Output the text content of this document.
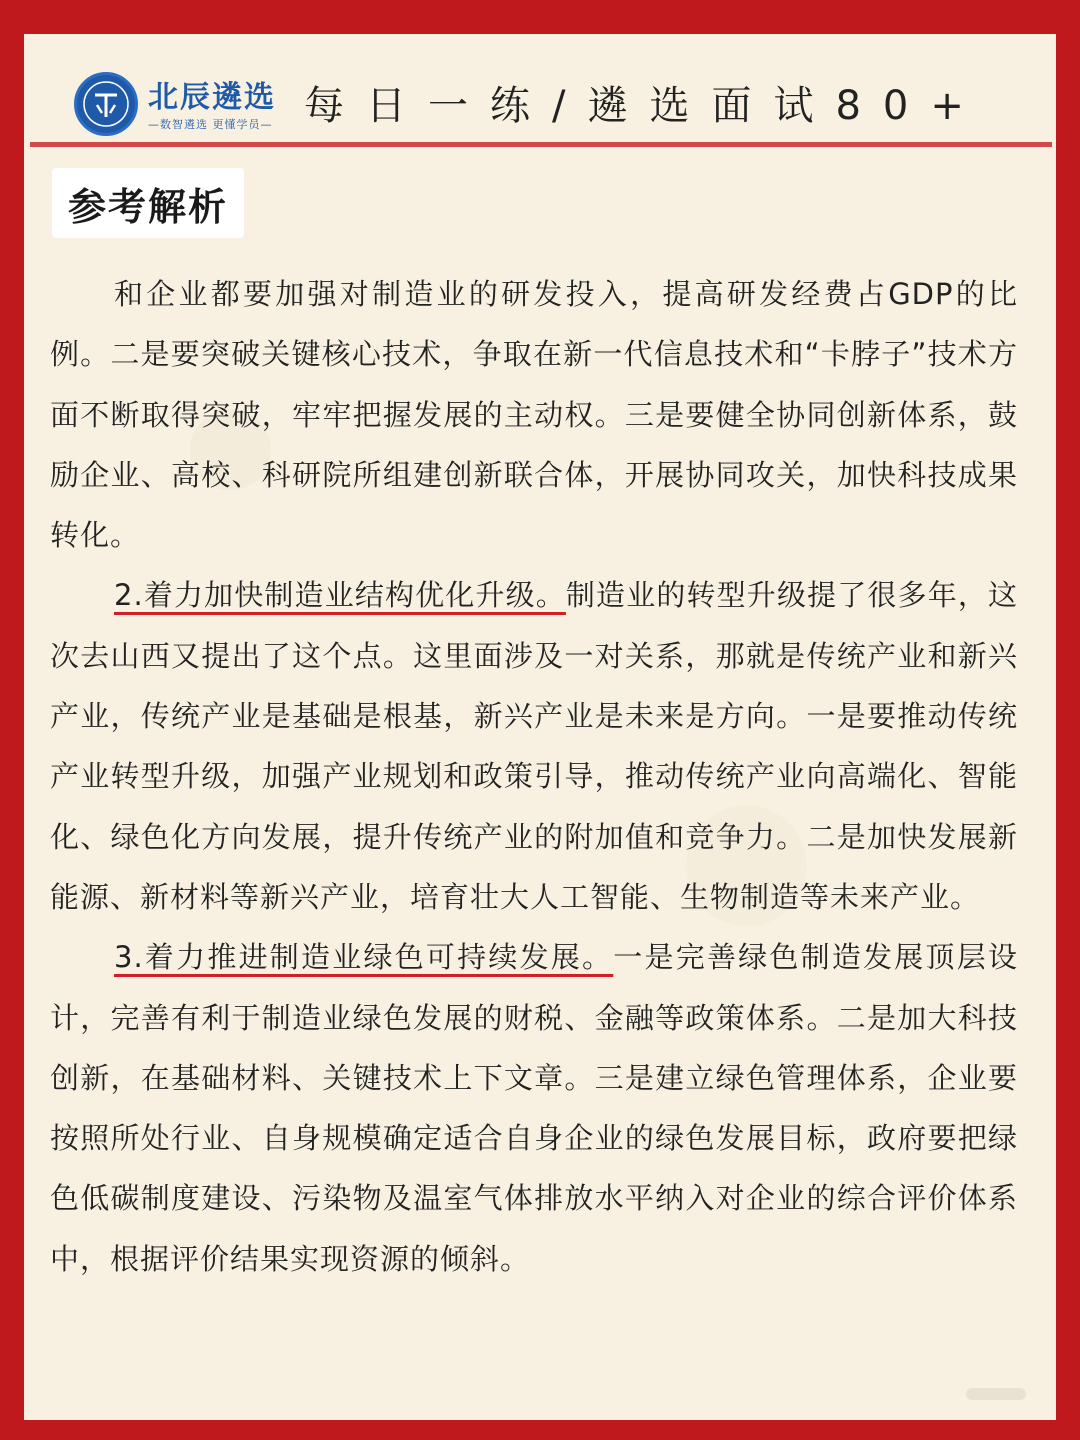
北辰遴选
—数智遴选 更懂学员— 每日一练/遴选面试80+
参考解析

和企业都要加强对制造业的研发投入，提高研发经费占GDP的比例。二是要突破关键核心技术，争取在新一代信息技术和“卡脖子”技术方面不断取得突破，牢牢把握发展的主动权。三是要健全协同创新体系，鼓励企业、高校、科研院所组建创新联合体，开展协同攻关，加快科技成果转化。

2.着力加快制造业结构优化升级。制造业的转型升级提了很多年，这次去山西又提出了这个点。这里面涉及一对关系，那就是传统产业和新兴产业，传统产业是基础是根基，新兴产业是未来是方向。一是要推动传统产业转型升级，加强产业规划和政策引导，推动传统产业向高端化、智能化、绿色化方向发展，提升传统产业的附加值和竞争力。二是加快发展新能源、新材料等新兴产业，培育壮大人工智能、生物制造等未来产业。

3.着力推进制造业绿色可持续发展。一是完善绿色制造发展顶层设计，完善有利于制造业绿色发展的财税、金融等政策体系。二是加大科技创新，在基础材料、关键技术上下文章。三是建立绿色管理体系，企业要按照所处行业、自身规模确定适合自身企业的绿色发展目标，政府要把绿色低碳制度建设、污染物及温室气体排放水平纳入对企业的综合评价体系中，根据评价结果实现资源的倾斜。
